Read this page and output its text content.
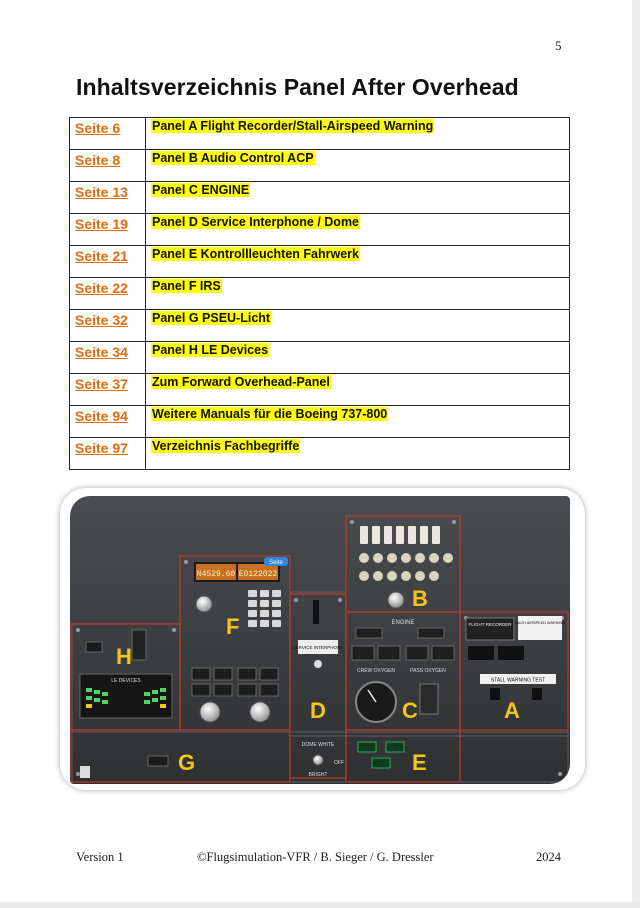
5
Inhaltsverzeichnis Panel After Overhead
Seite 6	Panel A Flight Recorder/Stall-Airspeed Warning
Seite 8	Panel B Audio Control ACP
Seite 13	Panel C ENGINE
Seite 19	Panel D Service Interphone / Dome
Seite 21	Panel E Kontrollleuchten Fahrwerk
Seite 22	Panel F IRS
Seite 32	Panel G PSEU-Licht
Seite 34	Panel H LE Devices
Seite 37	Zum Forward Overhead-Panel
Seite 94	Weitere Manuals für die Boeing 737-800
Seite 97	Verzeichnis Fachbegriffe
N4529.60 E0122022
Seite
ENGINE
CREW OXYGEN	PASS OXYGEN
FLIGHT RECORDER MACH AIRSPEED WARNING
STALL WARNING TEST
SERVICE INTERPHONE
DOME WHITE
OFF
BRIGHT
LE DEVICES
H
F
B
D	C	A
G	E
Version 1	©Flugsimulation-VFR / B. Sieger / G. Dressler	2024
